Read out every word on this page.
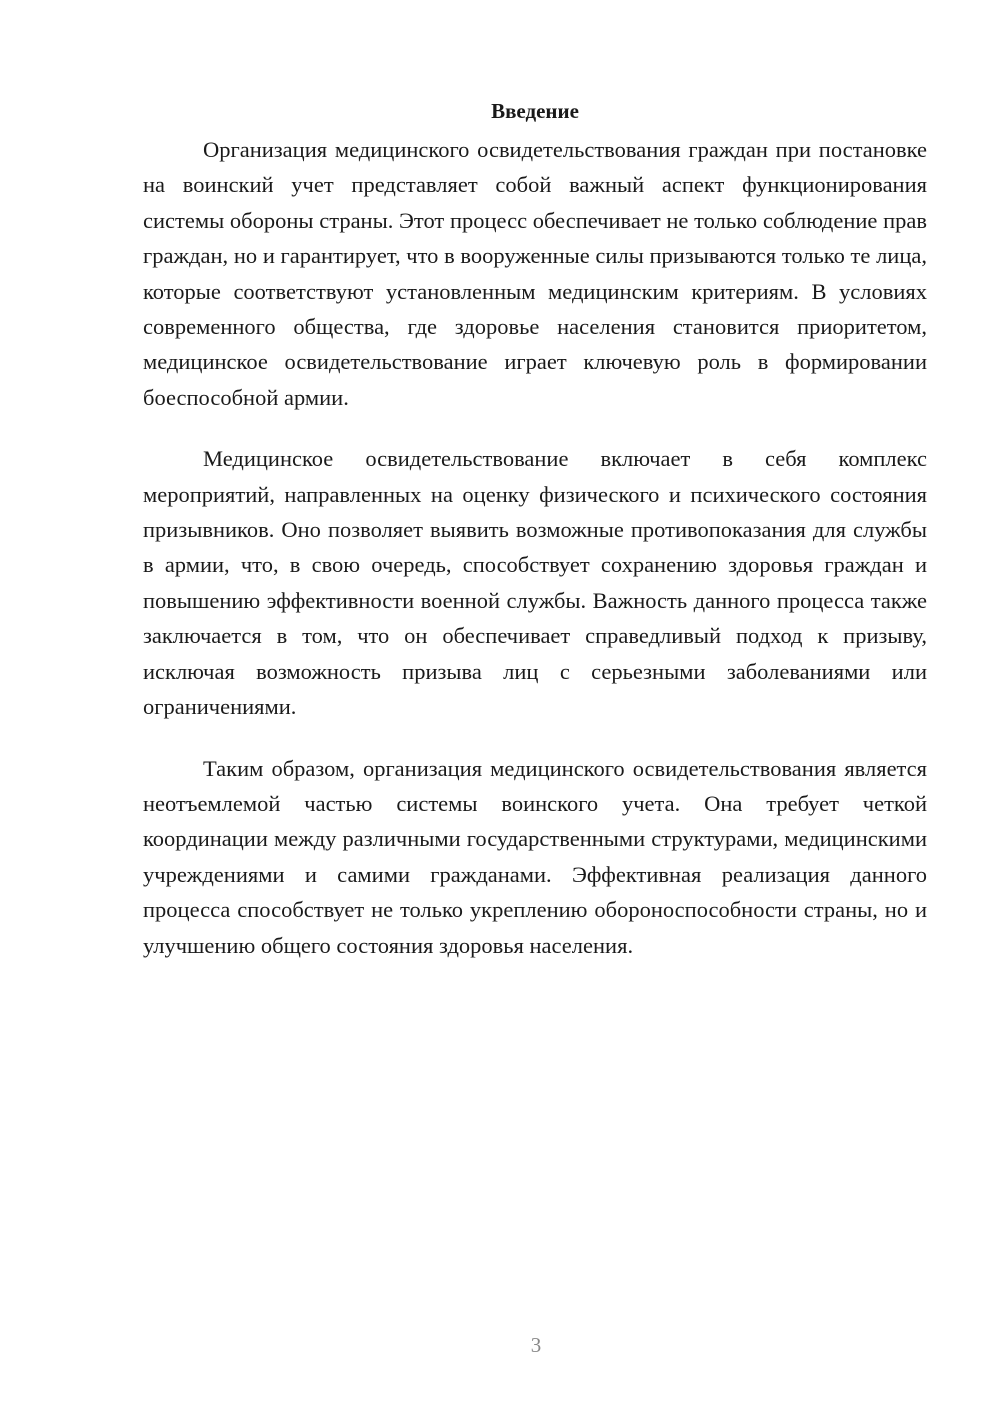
Введение

Организация медицинского освидетельствования граждан при постановке на воинский учет представляет собой важный аспект функционирования системы обороны страны. Этот процесс обеспечивает не только соблюдение прав граждан, но и гарантирует, что в вооруженные силы призываются только те лица, которые соответствуют установленным медицинским критериям. В условиях современного общества, где здоровье населения становится приоритетом, медицинское освидетельствование играет ключевую роль в формировании боеспособной армии.

Медицинское освидетельствование включает в себя комплекс мероприятий, направленных на оценку физического и психического состояния призывников. Оно позволяет выявить возможные противопоказания для службы в армии, что, в свою очередь, способствует сохранению здоровья граждан и повышению эффективности военной службы. Важность данного процесса также заключается в том, что он обеспечивает справедливый подход к призыву, исключая возможность призыва лиц с серьезными заболеваниями или ограничениями.

Таким образом, организация медицинского освидетельствования является неотъемлемой частью системы воинского учета. Она требует четкой координации между различными государственными структурами, медицинскими учреждениями и самими гражданами. Эффективная реализация данного процесса способствует не только укреплению обороноспособности страны, но и улучшению общего состояния здоровья населения.

3
